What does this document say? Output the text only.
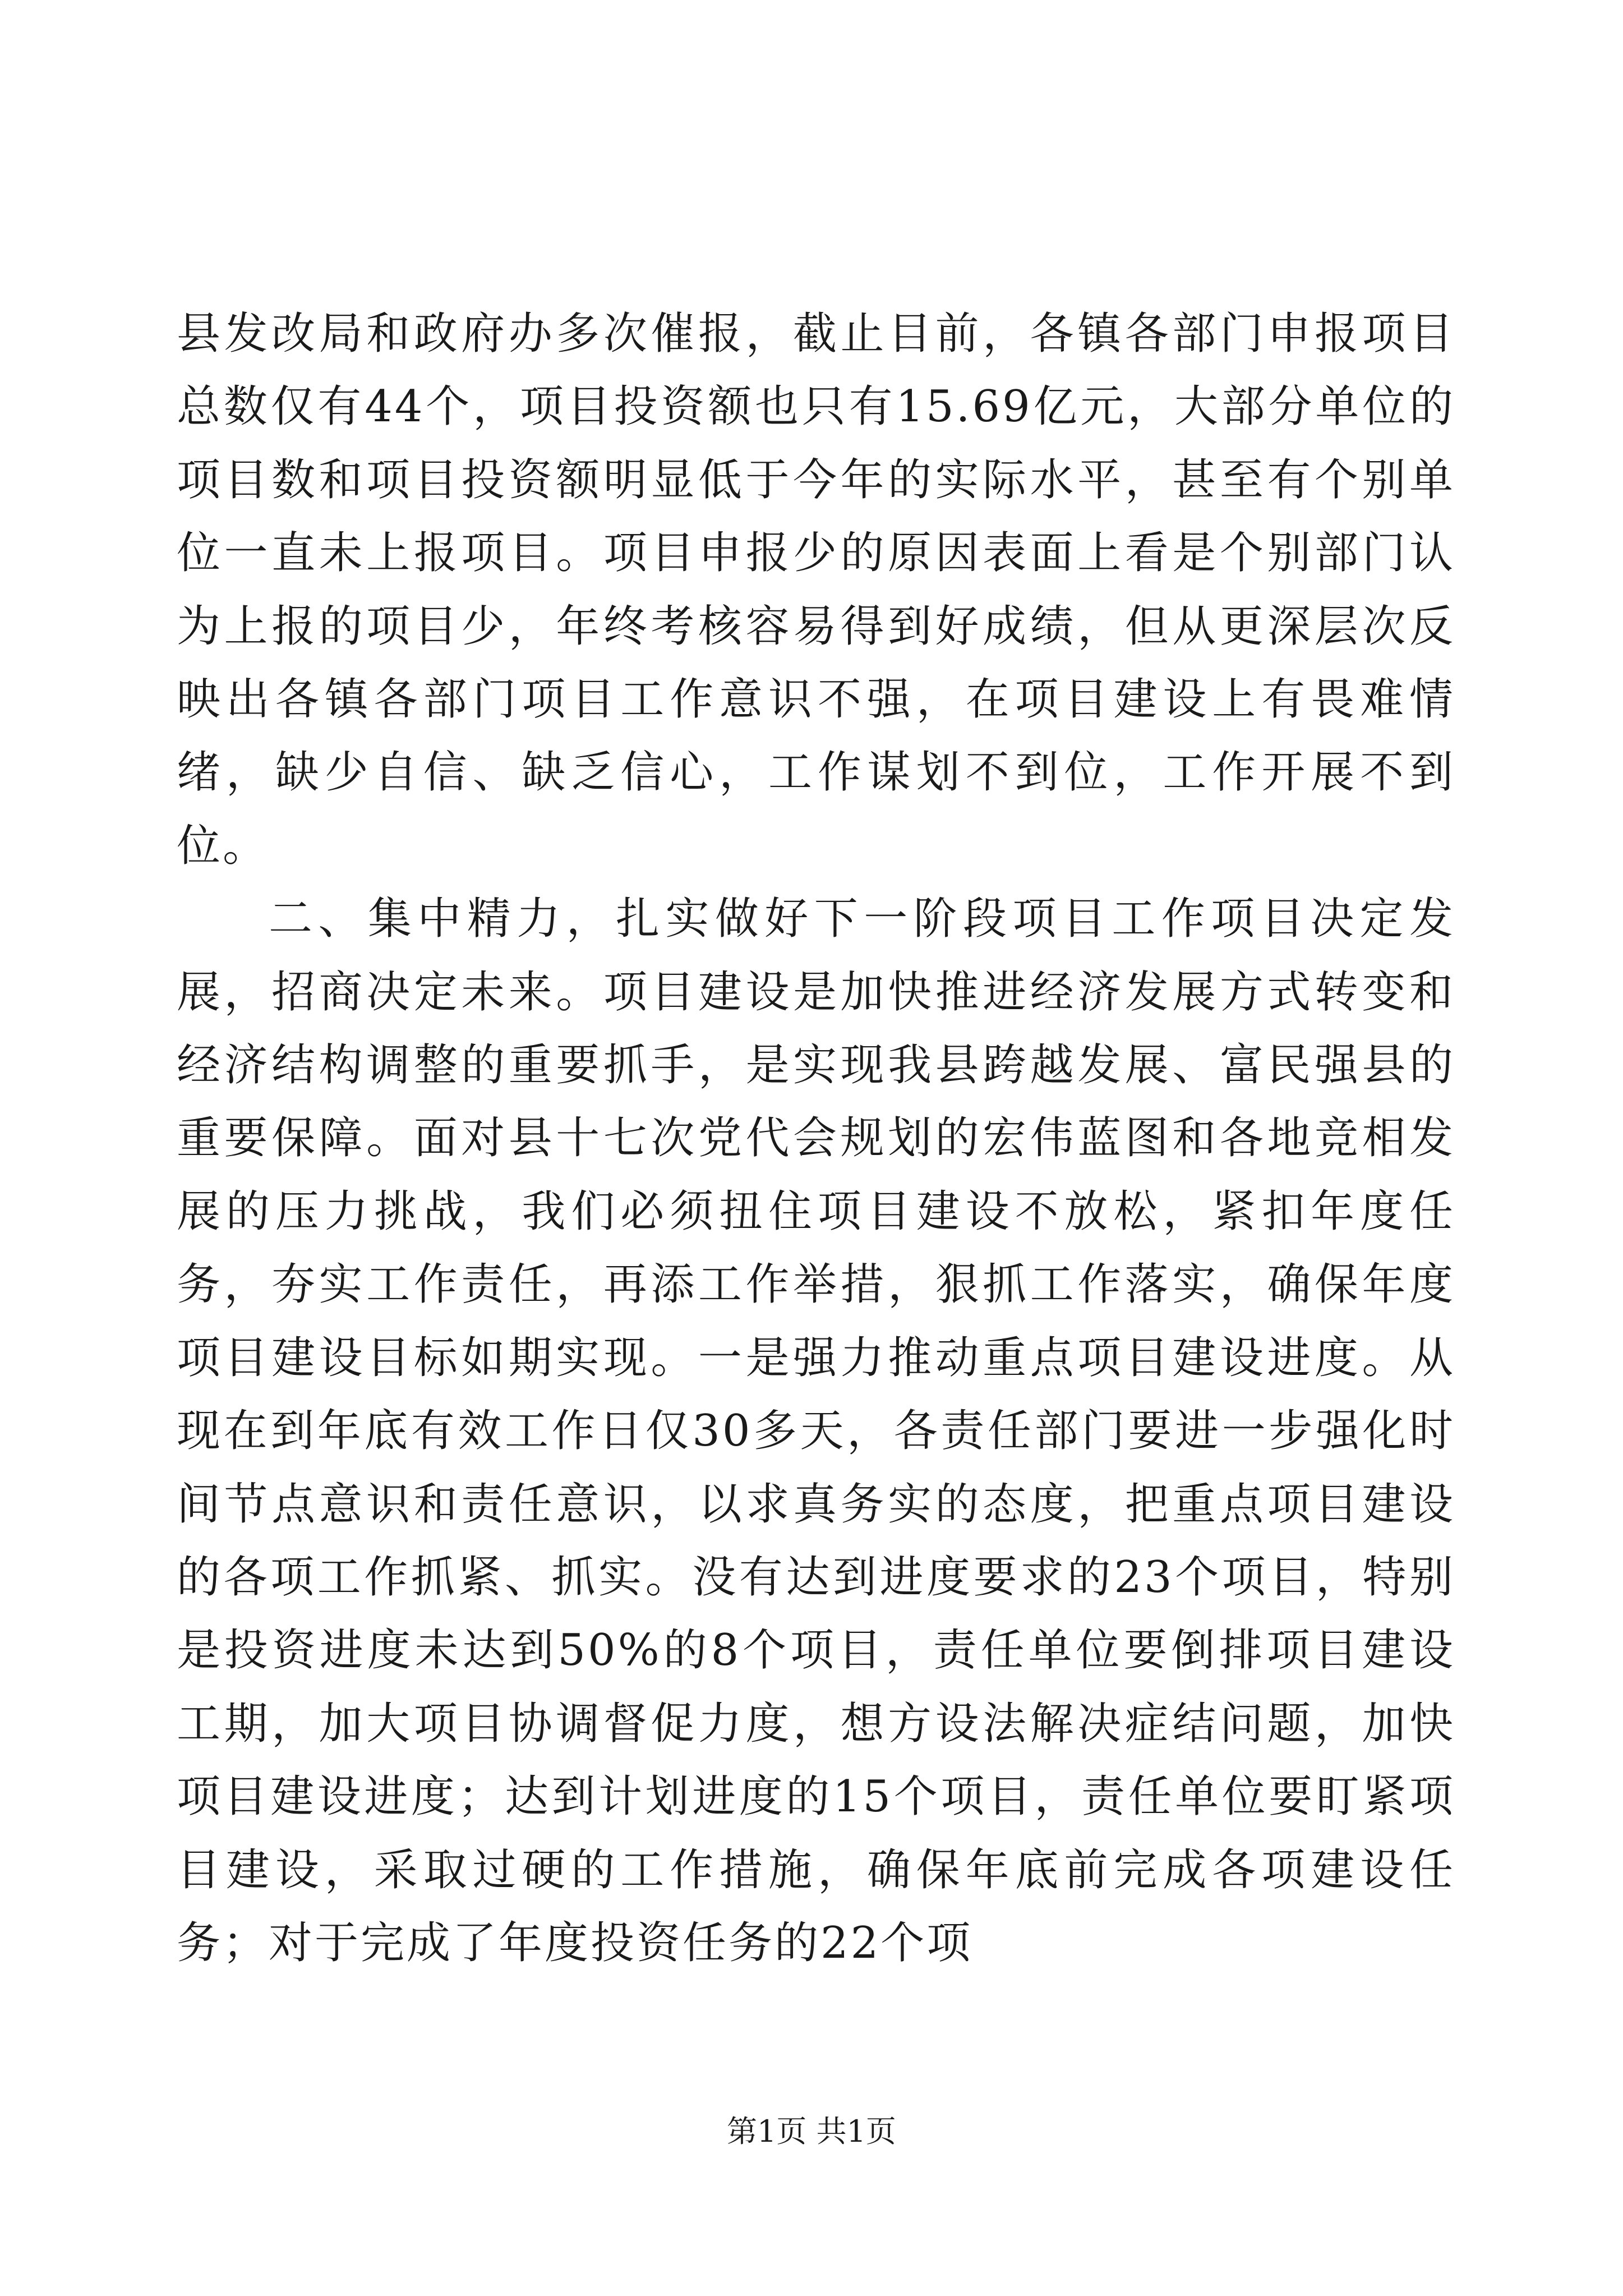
县发改局和政府办多次催报，截止目前，各镇各部门申报项目总数仅有44个，项目投资额也只有15.69亿元，大部分单位的项目数和项目投资额明显低于今年的实际水平，甚至有个别单位一直未上报项目。项目申报少的原因表面上看是个别部门认为上报的项目少，年终考核容易得到好成绩，但从更深层次反映出各镇各部门项目工作意识不强，在项目建设上有畏难情绪，缺少自信、缺乏信心，工作谋划不到位，工作开展不到位。

二、集中精力，扎实做好下一阶段项目工作项目决定发展，招商决定未来。项目建设是加快推进经济发展方式转变和经济结构调整的重要抓手，是实现我县跨越发展、富民强县的重要保障。面对县十七次党代会规划的宏伟蓝图和各地竞相发展的压力挑战，我们必须扭住项目建设不放松，紧扣年度任务，夯实工作责任，再添工作举措，狠抓工作落实，确保年度项目建设目标如期实现。一是强力推动重点项目建设进度。从现在到年底有效工作日仅30多天，各责任部门要进一步强化时间节点意识和责任意识，以求真务实的态度，把重点项目建设的各项工作抓紧、抓实。没有达到进度要求的23个项目，特别是投资进度未达到50%的8个项目，责任单位要倒排项目建设工期，加大项目协调督促力度，想方设法解决症结问题，加快项目建设进度；达到计划进度的15个项目，责任单位要盯紧项目建设，采取过硬的工作措施，确保年底前完成各项建设任务；对于完成了年度投资任务的22个项

第1页 共1页
